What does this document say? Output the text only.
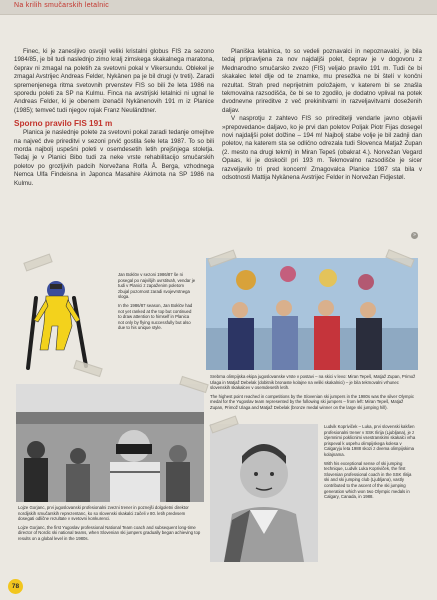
Na krilih smučarskih letalnic

Finec, ki je zanesljivo osvojil veliki kristalni globus FIS za sezono 1984/85, je bil tudi naslednjo zimo kralj zimskega skakalnega maratona, čeprav ni zmagal na poletih za svetovni pokal v Vikersundu. Oblekel je zmagal Avstrijec Andreas Felder, Nykänen pa je bil drugi (v treti). Zaradi spremenjenega ritma svetovnih prvenstev FIS so bili že leta 1986 na sporedu poleti za SP na Kulmu. Finca na avstrijski letalnici ni ugnal le Andreas Felder, ki je obenem izenačil Nykänenovih 191 m iz Planice (1985); temveč tudi njegov rojak Franz Neuländtner.

Sporno pravilo FIS 191 m

Planica je naslednje polete za svetovni pokal zaradi tedanje omejitve na največ dve prireditvi v sezoni prvič gostila šele leta 1987. To so bili morda najbolj uspešni poleti v osemdesetih letih prejšnjega stoletja. Tedaj je v Planici Bibo tudi za neke vrste rehabilitacijo smučarskih poletov po grozljivih padcih Norvežana Rolfa Å. Berga, vzhodnega Nemca Ulfa Findeisna in Japonca Masahire Akimota na SP 1986 na Kulmu.

Planiška letalnica, to so vedeli poznavalci in nepoznavalci, je bila tedaj pripravljena za nov najdaljši polet, čeprav je v dogovoru z Mednarodno smučarsko zvezo (FIS) veljalo pravilo 191 m. Tudi če bi skakalec letel dlje od te znamke, mu presežka ne bi štelí v končni rezultat. Strah pred neprijetnim položajem, v katerem bi se znašla tekmovalna razsodišča, če bi se to zgodilo, je dodatno vplival na potek dvodnevne prireditve z več prekinitvami in razveljavitvami doseženih daljav.

V nasprotju z zahtevo FIS so prireditelji vendarle javno objavili »prepovedano« daljavo, ko je prvi dan poletov Poljak Piotr Fijas dosegel novi najdaljši polet dolžine – 194 m! Najbolj stabe volje je bil zadnji dan poletov, na katerem sta se odlično odrezala tudi Slovenca Matjaž Zupan (2. mesto na drugi tekmi) in Miran Tepeš (obakrat 4.). Norvežan Vegard Opaas, ki je doskočil pri 193 m. Tekmovalno razsodišče je sicer razveljavilo tri pred koncem! Zmagovalca Planice 1987 sta bila v odsotnosti Mattija Nykänena Avstrijec Felder in Norvežan Fidjestøl.

»

Jan Boklöv v sezoni 1986/87 še ni posegal po najvišjih uvrstitvah, vendar je tudi v Planici z zapaženim poletom zbujal pozornost zaradi svojevrstnega sloga.

In the 1986/87 season, Jan Boklöv had not yet ranked at the top but continued to draw attention to himself in Planica not only by flying successfully but also due to his unique style.

Srebrna olimpijska ekipa jugoslovanske vrste v postavi – na skici v levo: Miran Tepeš, Matjaž Zupan, Primož Ulaga in Matjaž Debelak (dobitnik bronaste kolajne na veliki skakalnici) – je bila tekmovalni vrhunec slovenskih skakalcev v osemdesetih letih.

The highest point reached in competitions by the Slovenian ski jumpers in the 1980s was the silver Olympic medal for the Yugoslav team represented by the following ski jumpers – from left: Miran Tepeš, Matjaž Zupan, Primož Ulaga and Matjaž Debelak (bronze medal winner on the large ski jumping hill).

Lojze Gorjanc, prvi jugoslovanski profesionalni zvezni trener in poznejši dolgoletni direktor nordijskih smučarskih reprezentanc, ko so slovenski skakalci začeli v 80. letih predvsem dosegati odlične rezultate v svetovni konkurenci.

Lojze Gorjanc, the first Yugoslav professional National Team coach and subsequent long-time director of Nordic ski national teams, when Slovenian ski jumpers gradually began achieving top results on a global level in the 1980s.

Ludvik Kopriviček – Luka, prvi slovenski kakšen profesionalni trener v SSK Ilirija (Ljubljana), je z izjemnimi poklicnimi vsestranskimi skakalci vrha prispeval k uspehu olimpijskega kolesa v Calgaryju leta 1988 skozi z dvema olimpijskima kolajnama.

With his exceptional sense of ski jumping technique, Ludvik Luka Kopriviček, the first Slovenian professional coach in the SSK Ilirija ski and ski jumping club (Ljubljana), vastly contributed to the ascent of the ski jumping generation which won two Olympic medals in Calgary, Canada, in 1988.

78
